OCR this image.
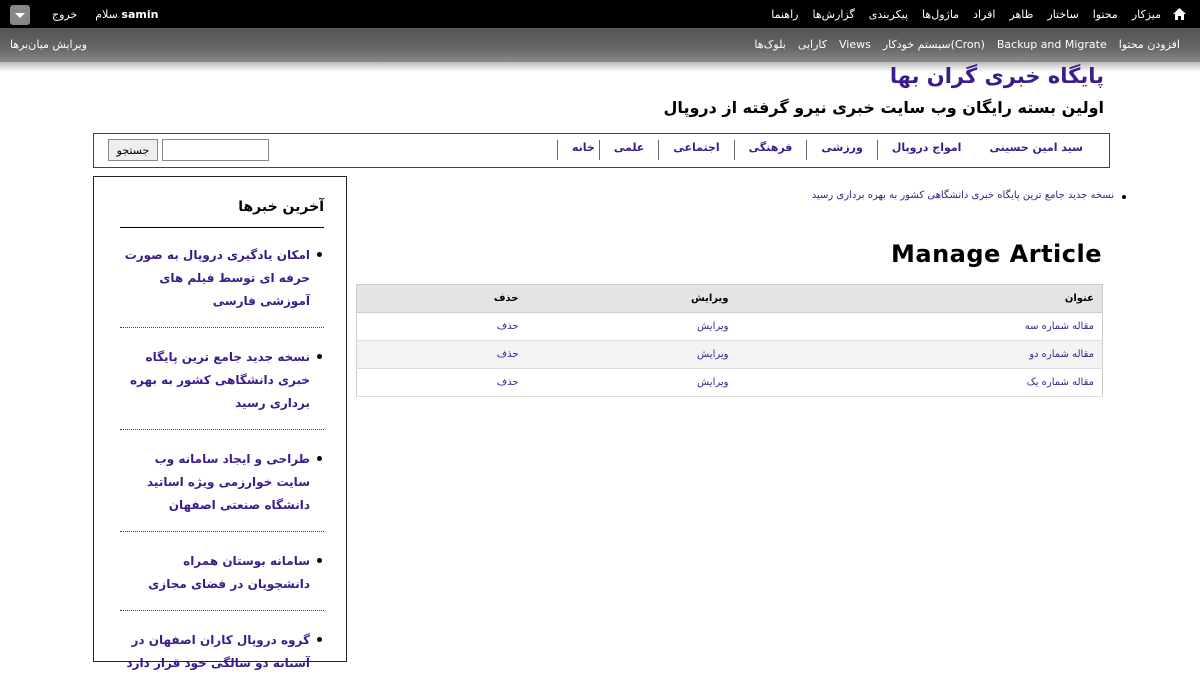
میزکار
محتوا
ساختار
ظاهر
افراد
ماژول‌ها
پیکربندی
گزارش‌ها
راهنما
خروج سلام samin
افزودن محتوا
Backup and Migrate
سیستم خودکار(Cron)
Views
کارایی
بلوک‌ها
ویرایش میان‌برها
پایگاه خبری گران بها
اولین بسته رایگان وب سایت خبری نیرو گرفته از دروپال
خانه	علمی	اجتماعی	فرهنگی	ورزشی	امواج دروپال	سید امین حسینی
جستجو
آخرین خبرها
امکان یادگیری دروپال به صورت حرفه ای توسط فیلم های آموزشی فارسی
نسخه جدید جامع ترین پایگاه خبری دانشگاهی کشور به بهره برداری رسید
طراحی و ایجاد سامانه وب سایت خوارزمی ویژه اساتید دانشگاه صنعتی اصفهان
سامانه بوستان همراه دانشجویان در فضای مجازی
گروه دروپال کاران اصفهان در آستانه دو سالگی خود قرار دارد
نسخه جدید جامع ترین پایگاه خبری دانشگاهی کشور به بهره برداری رسید
Manage Article
عنوان	ویرایش	حذف
مقاله شماره سه	ویرایش	حذف
مقاله شماره دو	ویرایش	حذف
مقاله شماره یک	ویرایش	حذف
